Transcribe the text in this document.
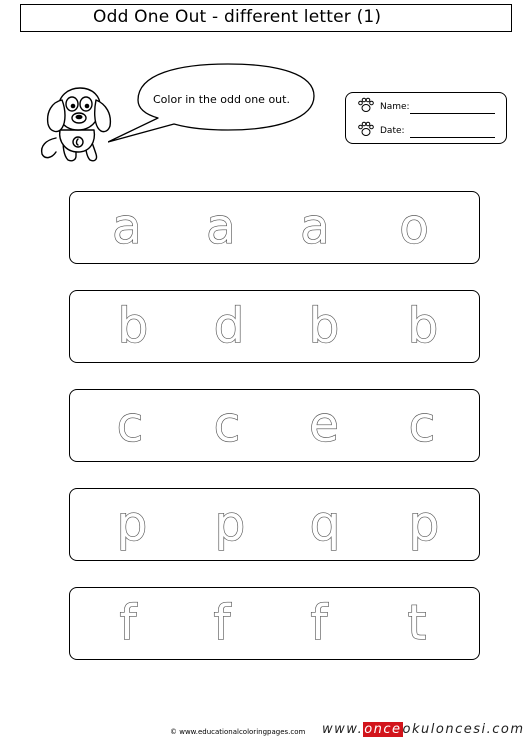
Odd One Out - different letter (1)
Color in the odd one out.
Name:
Date:
a a a o
b d b b
c c e c
p p q p
f f f t
© www.educationalcoloringpages.com www.onceokuloncesi.com
